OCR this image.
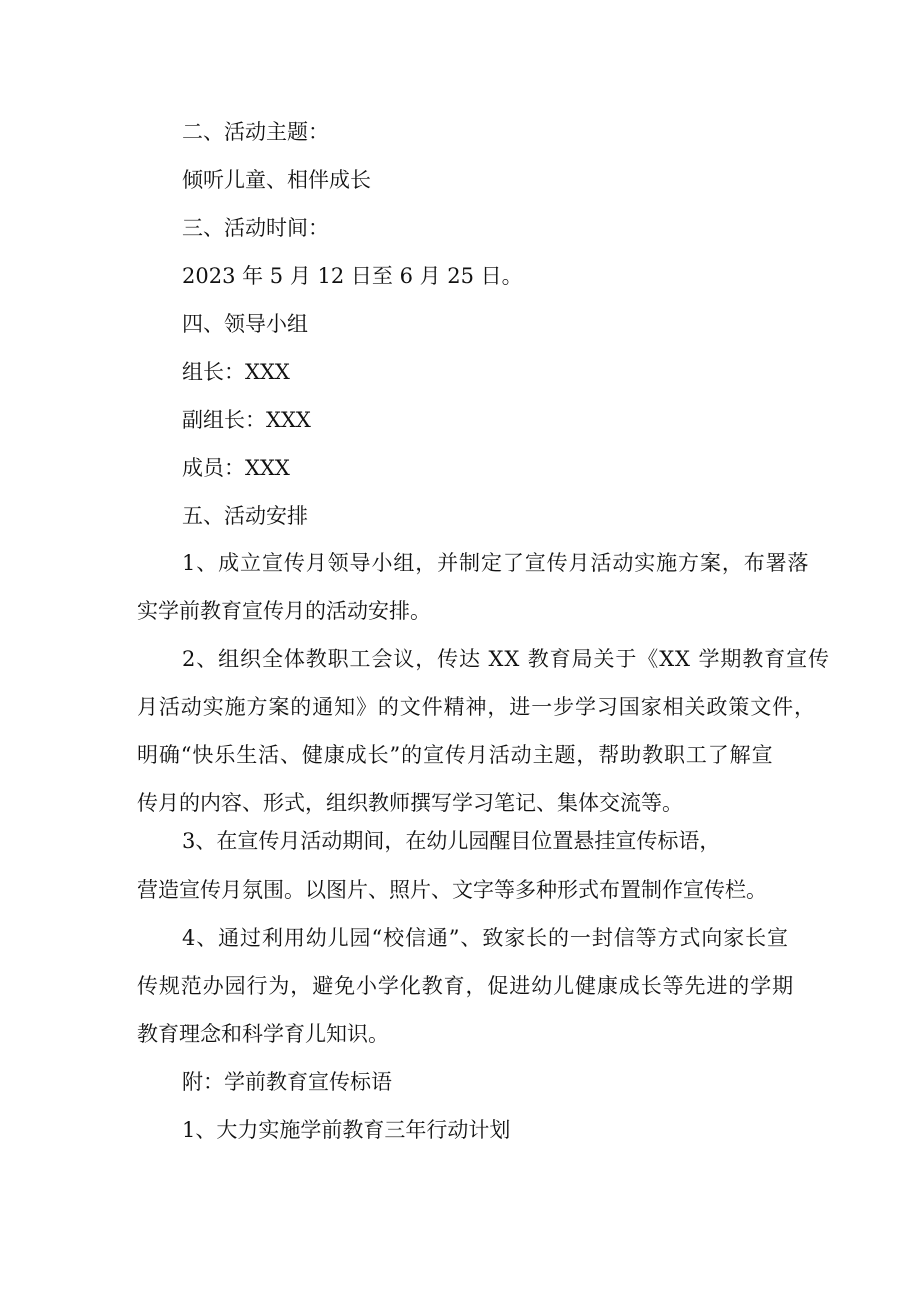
二、活动主题：
倾听儿童、相伴成长
三、活动时间：
2023 年 5 月 12 日至 6 月 25 日。
四、领导小组
组长：XXX
副组长：XXX
成员：XXX
五、活动安排
1、成立宣传月领导小组，并制定了宣传月活动实施方案，布署落
实学前教育宣传月的活动安排。
2、组织全体教职工会议，传达 XX 教育局关于《XX 学期教育宣传
月活动实施方案的通知》的文件精神，进一步学习国家相关政策文件，
明确“快乐生活、健康成长”的宣传月活动主题，帮助教职工了解宣
传月的内容、形式，组织教师撰写学习笔记、集体交流等。
3、在宣传月活动期间，在幼儿园醒目位置悬挂宣传标语，
营造宣传月氛围。以图片、照片、文字等多种形式布置制作宣传栏。
4、通过利用幼儿园“校信通”、致家长的一封信等方式向家长宣
传规范办园行为，避免小学化教育，促进幼儿健康成长等先进的学期
教育理念和科学育儿知识。
附：学前教育宣传标语
1、大力实施学前教育三年行动计划
